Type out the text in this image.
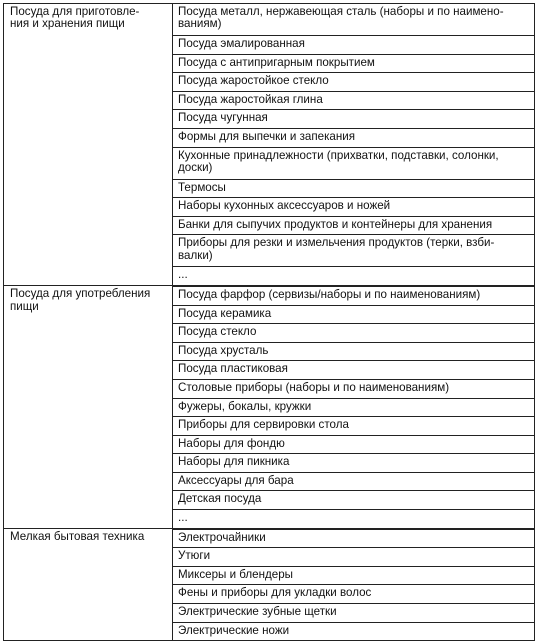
Посуда для приготовле-
ния и хранения пищи	Посуда металл, нержавеющая сталь (наборы и по наимено-
ваниям)
	Посуда эмалированная
	Посуда с антипригарным покрытием
	Посуда жаростойкое стекло
	Посуда жаростойкая глина
	Посуда чугунная
	Формы для выпечки и запекания
	Кухонные принадлежности (прихватки, подставки, солонки,
доски)
	Термосы
	Наборы кухонных аксессуаров и ножей
	Банки для сыпучих продуктов и контейнеры для хранения
	Приборы для резки и измельчения продуктов (терки, взби-
валки)
	...
Посуда для употребления
пищи	Посуда фарфор (сервизы/наборы и по наименованиям)
	Посуда керамика
	Посуда стекло
	Посуда хрусталь
	Посуда пластиковая
	Столовые приборы (наборы и по наименованиям)
	Фужеры, бокалы, кружки
	Приборы для сервировки стола
	Наборы для фондю
	Наборы для пикника
	Аксессуары для бара
	Детская посуда
	...
Мелкая бытовая техника	Электрочайники
	Утюги
	Миксеры и блендеры
	Фены и приборы для укладки волос
	Электрические зубные щетки
	Электрические ножи
